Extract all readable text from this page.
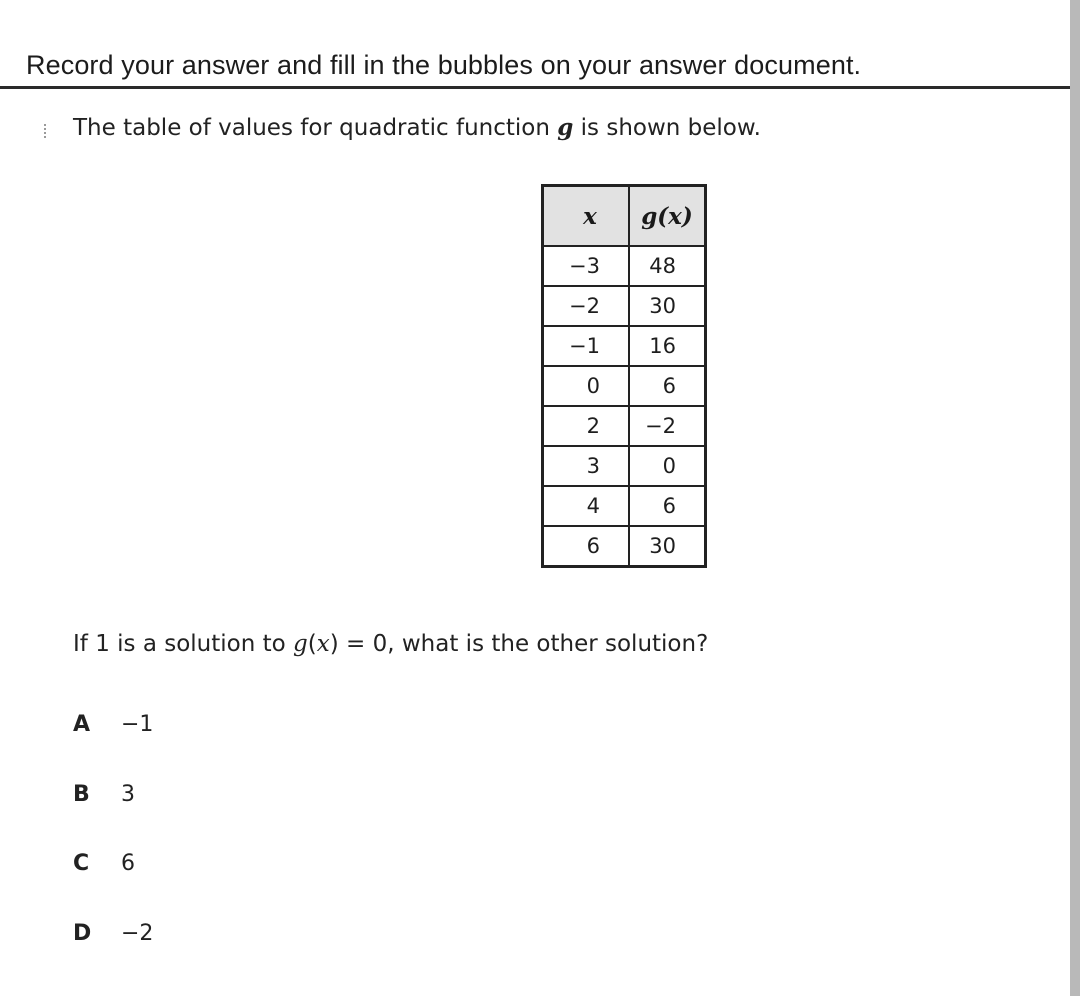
Record your answer and fill in the bubbles on your answer document.
The table of values for quadratic function g is shown below.
x	g(x)
−3	48
−2	30
−1	16
0	6
2	−2
3	0
4	6
6	30
If 1 is a solution to g(x) = 0, what is the other solution?
A	−1
B	3
C	6
D	−2
